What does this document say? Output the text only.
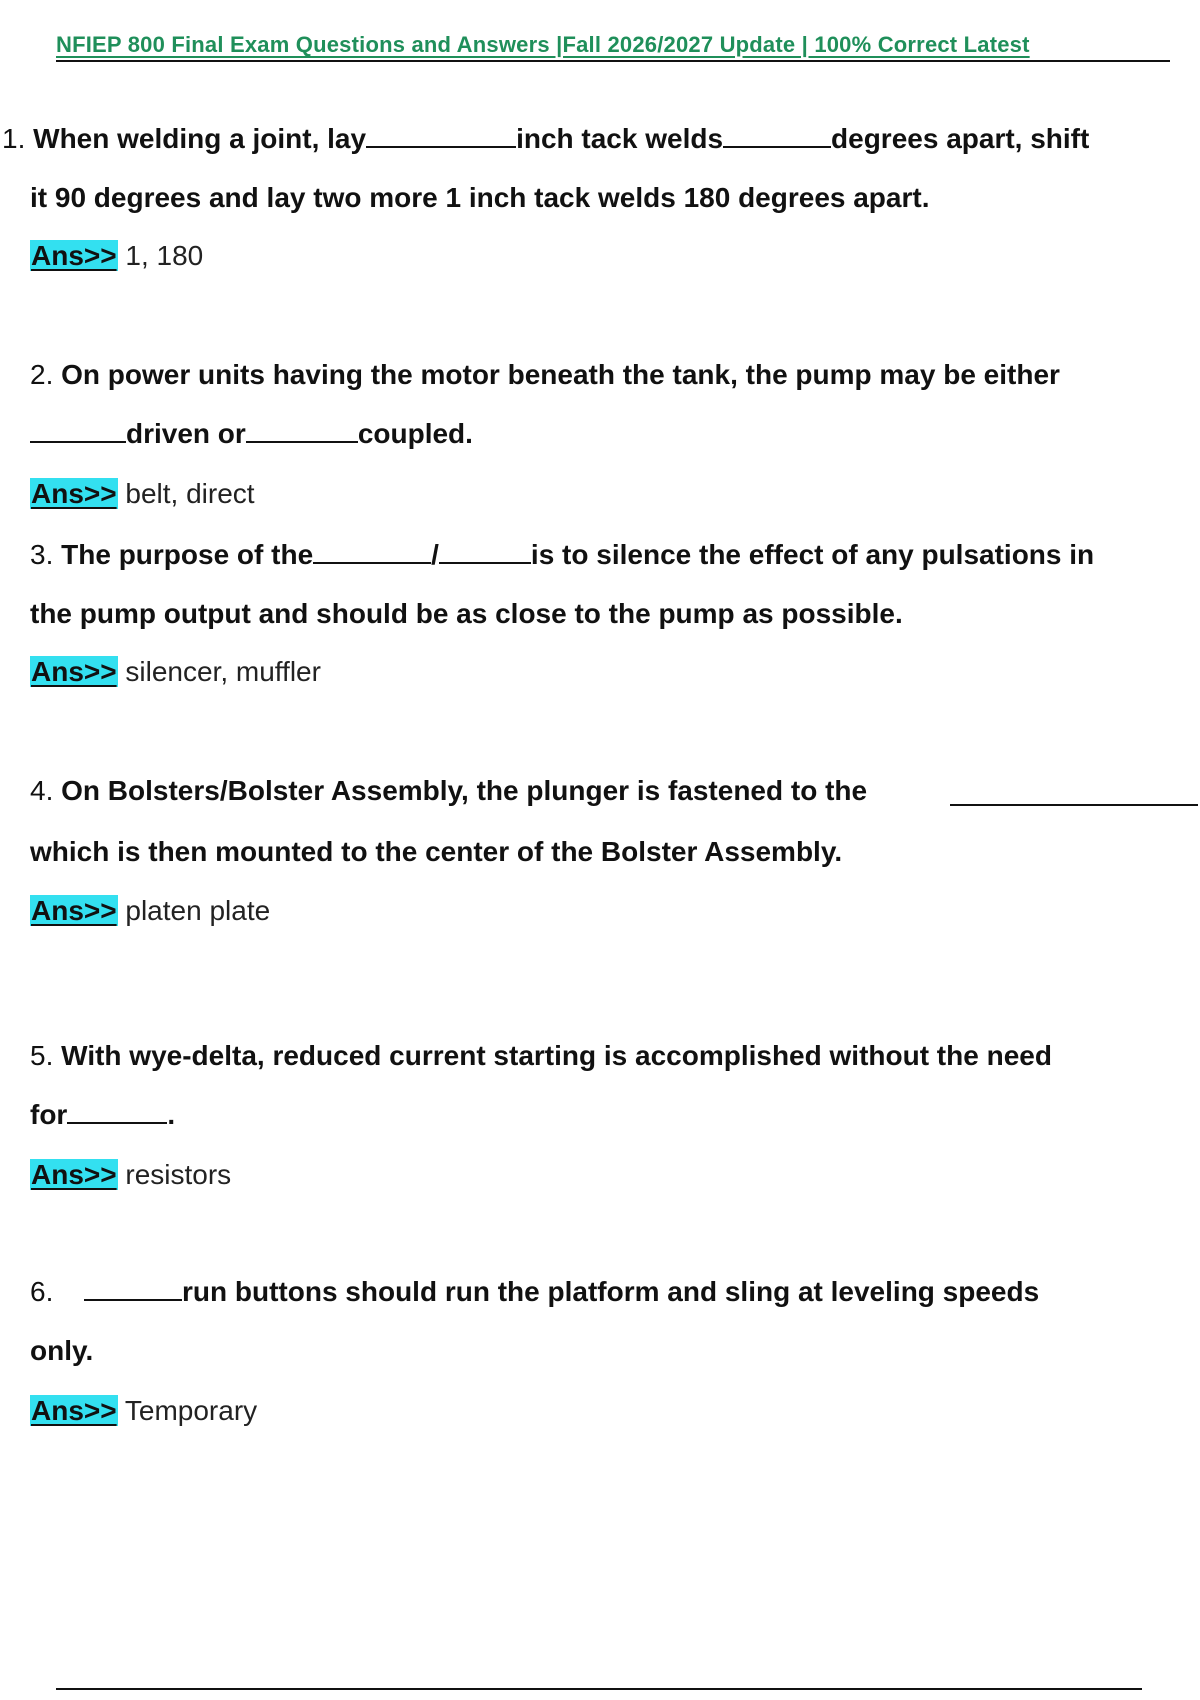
NFIEP 800 Final Exam Questions and Answers |Fall 2026/2027 Update | 100% Correct Latest
1. When welding a joint, lay	inch tack welds	degrees apart, shift
it 90 degrees and lay two more 1 inch tack welds 180 degrees apart.
Ans>> 1, 180
2. On power units having the motor beneath the tank, the pump may be either
driven or	coupled.
Ans>> belt, direct
3. The purpose of the	/	is to silence the effect of any pulsations in
the pump output and should be as close to the pump as possible.
Ans>> silencer, muffler
4. On Bolsters/Bolster Assembly, the plunger is fastened to the
which is then mounted to the center of the Bolster Assembly.
Ans>> platen plate
5. With wye-delta, reduced current starting is accomplished without the need
for	.
Ans>> resistors
6.	run buttons should run the platform and sling at leveling speeds
only.
Ans>> Temporary
